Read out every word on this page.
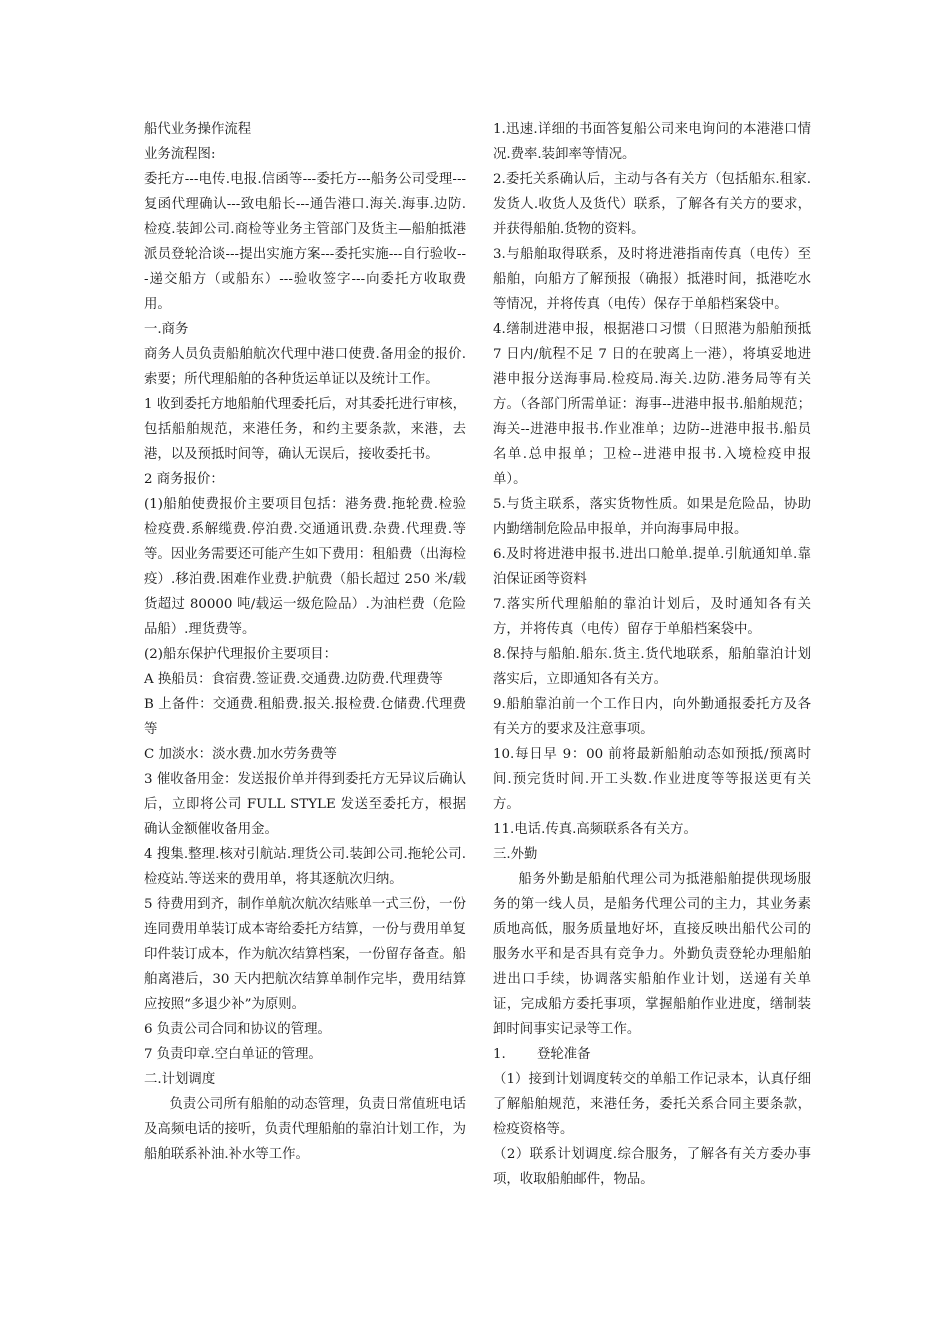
船代业务操作流程

业务流程图:

委托方---电传.电报.信函等---委托方---船务公司受理---复函代理确认---致电船长---通告港口.海关.海事.边防.检疫.装卸公司.商检等业务主管部门及货主—船舶抵港派员登轮洽谈---提出实施方案---委托实施---自行验收---递交船方（或船东）---验收签字---向委托方收取费用。

一.商务

商务人员负责船舶航次代理中港口使费.备用金的报价.索要；所代理船舶的各种货运单证以及统计工作。

1 收到委托方地船舶代理委托后，对其委托进行审核，包括船舶规范，来港任务，和约主要条款，来港，去港，以及预抵时间等，确认无误后，接收委托书。

2 商务报价：

(1)船舶使费报价主要项目包括：港务费.拖轮费.检验检疫费.系解缆费.停泊费.交通通讯费.杂费.代理费.等等。因业务需要还可能产生如下费用：租船费（出海检疫）.移泊费.困难作业费.护航费（船长超过 250 米/载货超过 80000 吨/载运一级危险品）.为油栏费（危险品船）.理货费等。

(2)船东保护代理报价主要项目：

A 换船员：食宿费.签证费.交通费.边防费.代理费等

B 上备件：交通费.租船费.报关.报检费.仓储费.代理费等

C 加淡水：淡水费.加水劳务费等

3 催收备用金：发送报价单并得到委托方无异议后确认后，立即将公司 FULL STYLE 发送至委托方，根据确认金额催收备用金。

4 搜集.整理.核对引航站.理货公司.装卸公司.拖轮公司.检疫站.等送来的费用单，将其逐航次归纳。

5 待费用到齐，制作单航次航次结账单一式三份，一份连同费用单装订成本寄给委托方结算，一份与费用单复印件装订成本，作为航次结算档案，一份留存备查。船舶离港后，30 天内把航次结算单制作完毕，费用结算应按照“多退少补”为原则。

6 负责公司合同和协议的管理。

7 负责印章.空白单证的管理。

二.计划调度

负责公司所有船舶的动态管理，负责日常值班电话及高频电话的接听，负责代理船舶的靠泊计划工作，为船舶联系补油.补水等工作。

1.迅速.详细的书面答复船公司来电询问的本港港口情况.费率.装卸率等情况。

2.委托关系确认后，主动与各有关方（包括船东.租家.发货人.收货人及货代）联系，了解各有关方的要求，并获得船舶.货物的资料。

3.与船舶取得联系，及时将进港指南传真（电传）至船舶，向船方了解预报（确报）抵港时间，抵港吃水等情况，并将传真（电传）保存于单船档案袋中。

4.缮制进港申报，根据港口习惯（日照港为船舶预抵 7 日内/航程不足 7 日的在驶离上一港），将填妥地进港申报分送海事局.检疫局.海关.边防.港务局等有关方。（各部门所需单证：海事--进港申报书.船舶规范；海关--进港申报书.作业准单；边防--进港申报书.船员名单.总申报单；卫检--进港申报书.入境检疫申报单）。

5.与货主联系，落实货物性质。如果是危险品，协助内勤缮制危险品申报单，并向海事局申报。

6.及时将进港申报书.进出口舱单.提单.引航通知单.靠泊保证函等资料

7.落实所代理船舶的靠泊计划后，及时通知各有关方，并将传真（电传）留存于单船档案袋中。

8.保持与船舶.船东.货主.货代地联系，船舶靠泊计划落实后，立即通知各有关方。

9.船舶靠泊前一个工作日内，向外勤通报委托方及各有关方的要求及注意事项。

10.每日早 9：00 前将最新船舶动态如预抵/预离时间.预完货时间.开工头数.作业进度等等报送更有关方。

11.电话.传真.高频联系各有关方。

三.外勤

船务外勤是船舶代理公司为抵港船舶提供现场服务的第一线人员，是船务代理公司的主力，其业务素质地高低，服务质量地好坏，直接反映出船代公司的服务水平和是否具有竞争力。外勤负责登轮办理船舶进出口手续，协调落实船舶作业计划，送递有关单证，完成船方委托事项，掌握船舶作业进度，缮制装卸时间事实记录等工作。

1. 登轮准备

（1）接到计划调度转交的单船工作记录本，认真仔细了解船舶规范，来港任务，委托关系合同主要条款，检疫资格等。

（2）联系计划调度.综合服务，了解各有关方委办事项，收取船舶邮件，物品。
